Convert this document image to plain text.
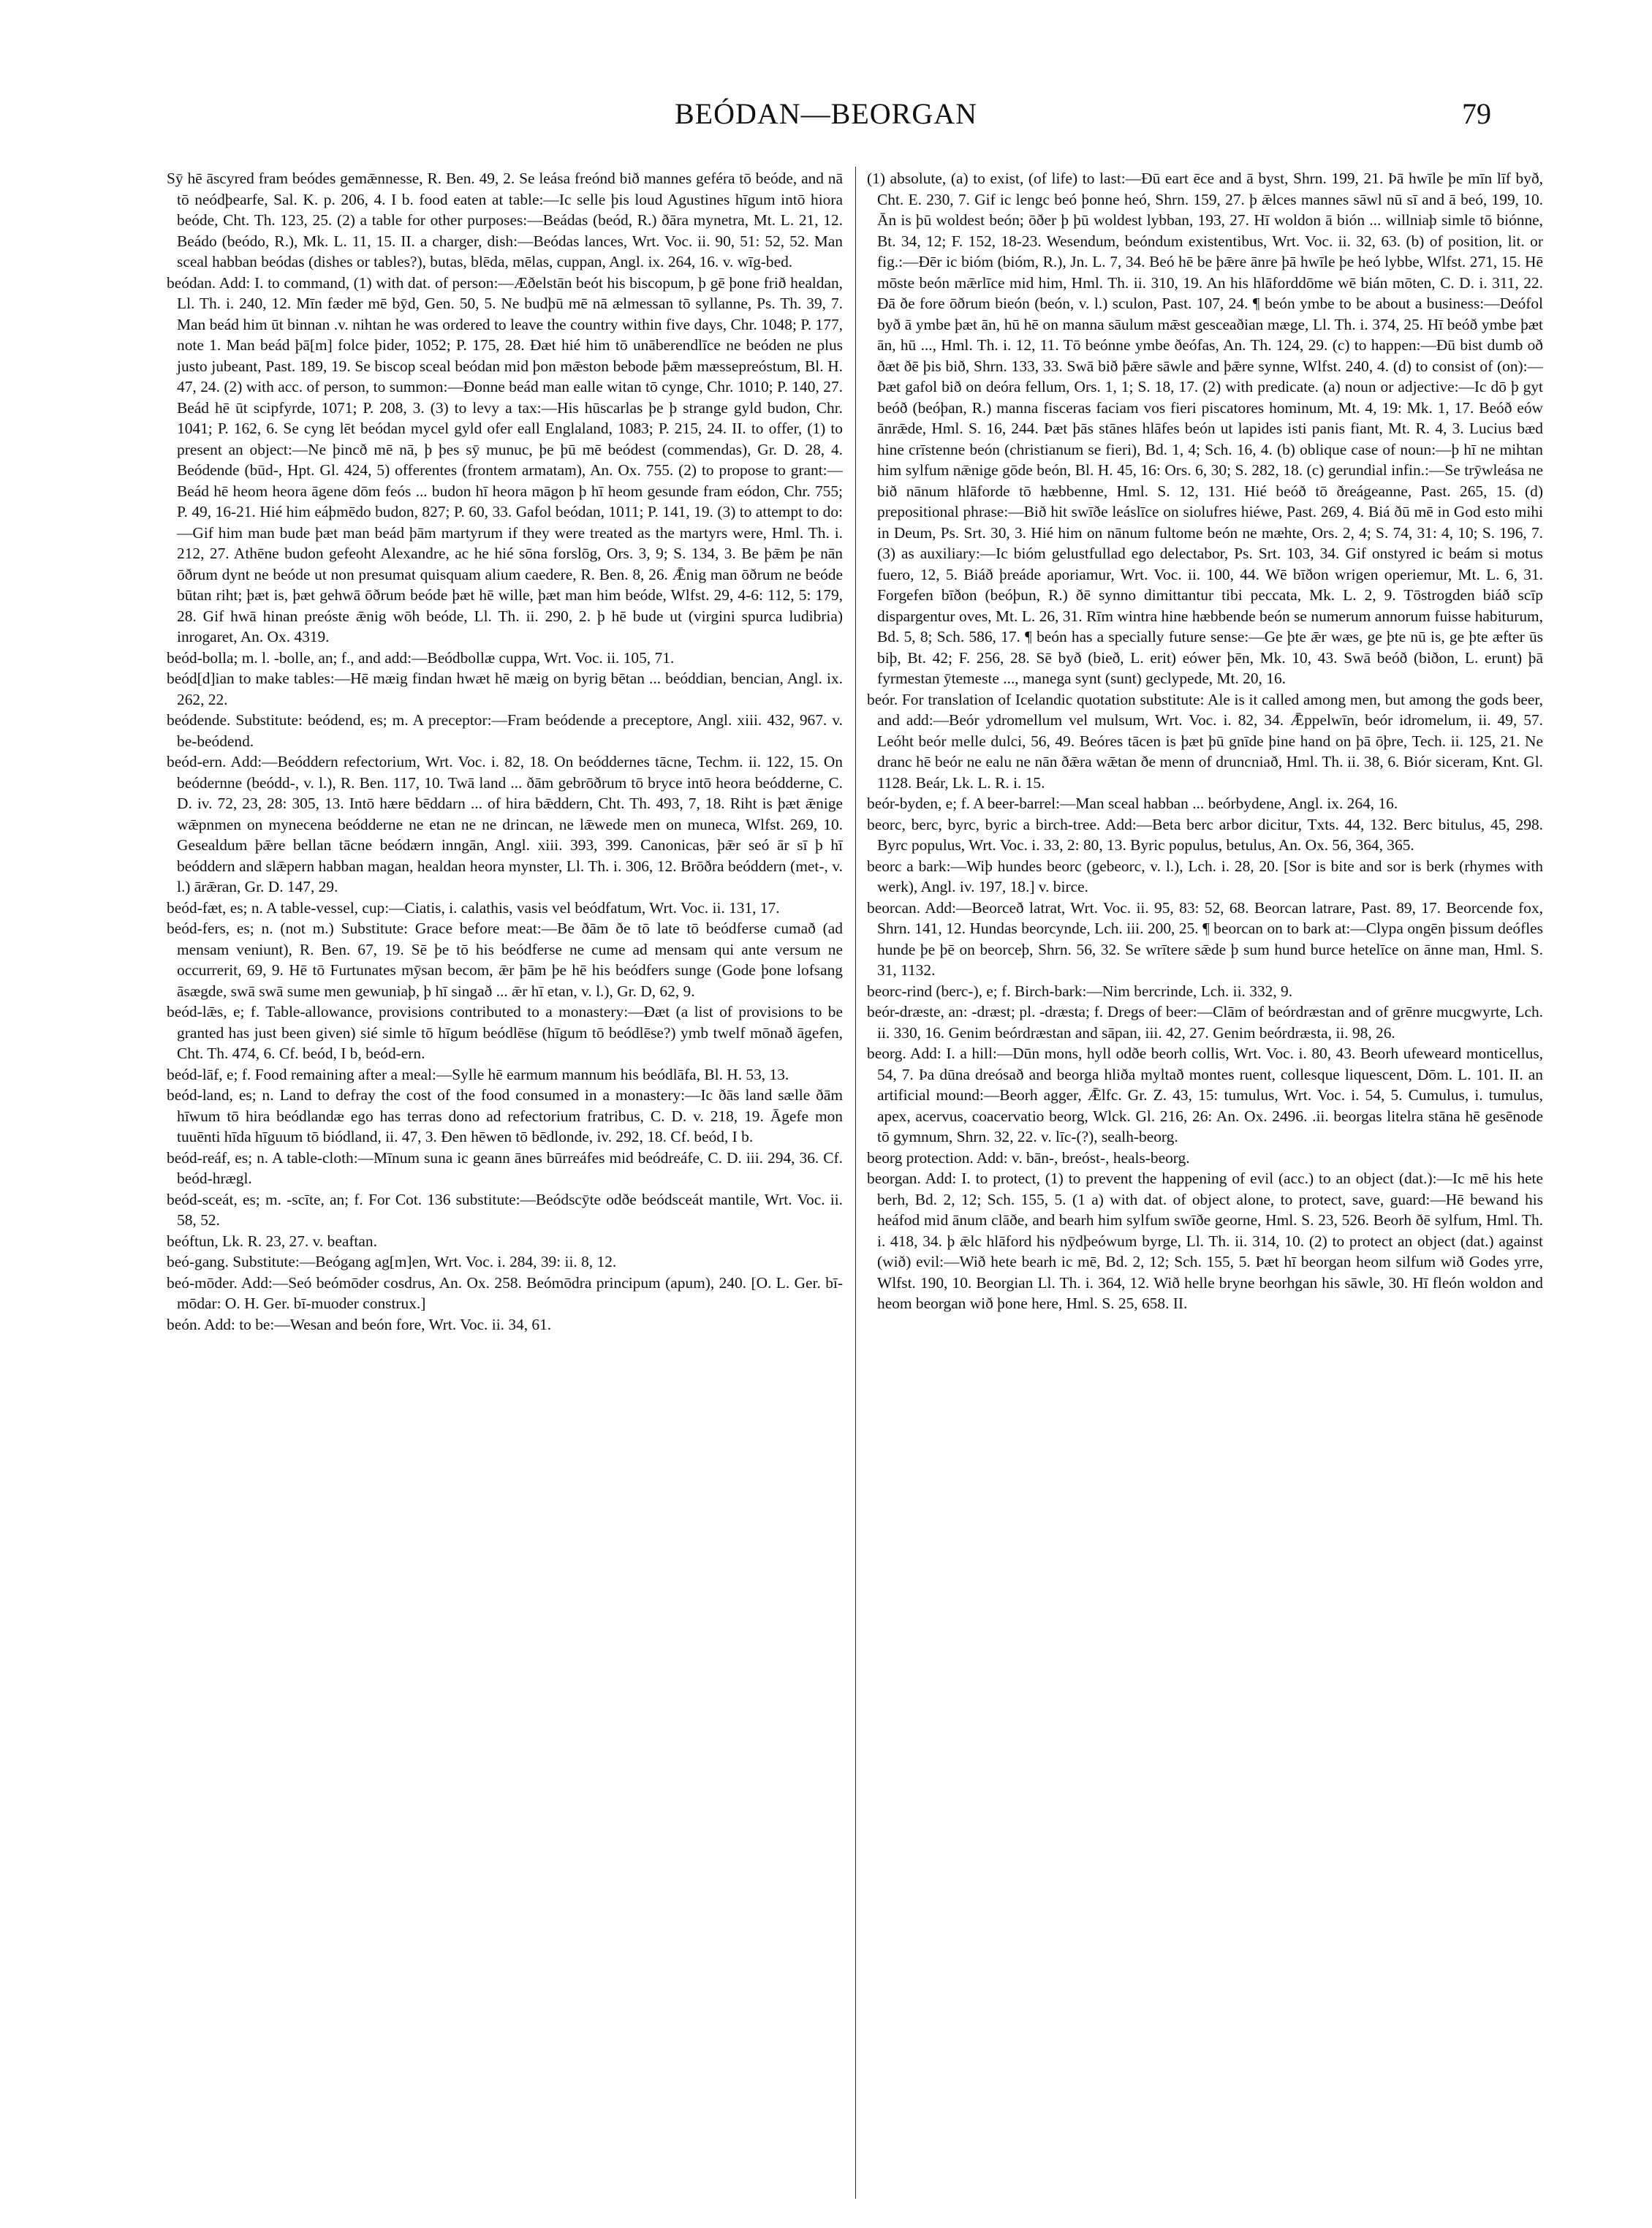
BEÓDAN—BEORGAN	79

Sȳ hē āscyred fram beódes gemǣnnesse, R. Ben. 49, 2. Se leása freónd bið mannes geféra tō beóde, and nā tō neódþearfe, Sal. K. p. 206, 4. I b. food eaten at table:—Ic selle þis loud Agustines hīgum intō hiora beóde, Cht. Th. 123, 25. (2) a table for other purposes:—Beádas (beód, R.) ðāra mynetra, Mt. L. 21, 12. Beádo (beódo, R.), Mk. L. 11, 15. II. a charger, dish:—Beódas lances, Wrt. Voc. ii. 90, 51: 52, 52. Man sceal habban beódas (dishes or tables?), butas, blēda, mēlas, cuppan, Angl. ix. 264, 16. v. wīg-bed.

beódan. Add: I. to command, (1) with dat. of person:—Æðelstān beót his biscopum, þ gē þone frið healdan, Ll. Th. i. 240, 12. Mīn fæder mē bȳd, Gen. 50, 5. Ne budþū mē nā ælmessan tō syllanne, Ps. Th. 39, 7. Man beád him ūt binnan .v. nihtan he was ordered to leave the country within five days, Chr. 1048; P. 177, note 1. Man beád þā[m] folce þider, 1052; P. 175, 28. Ðæt hié him tō unāberendlīce ne beóden ne plus justo jubeant, Past. 189, 19. Se biscop sceal beódan mid þon mǣston bebode þǣm mæssepreóstum, Bl. H. 47, 24. (2) with acc. of person, to summon:—Ðonne beád man ealle witan tō cynge, Chr. 1010; P. 140, 27. Beád hē ūt scipfyrde, 1071; P. 208, 3. (3) to levy a tax:—His hūscarlas þe þ strange gyld budon, Chr. 1041; P. 162, 6. Se cyng lēt beódan mycel gyld ofer eall Englaland, 1083; P. 215, 24. II. to offer, (1) to present an object:—Ne þincð mē nā, þ þes sȳ munuc, þe þū mē beódest (commendas), Gr. D. 28, 4. Beódende (būd-, Hpt. Gl. 424, 5) offerentes (frontem armatam), An. Ox. 755. (2) to propose to grant:—Beád hē heom heora āgene dōm feós ... budon hī heora māgon þ hī heom gesunde fram eódon, Chr. 755; P. 49, 16-21. Hié him eáþmēdo budon, 827; P. 60, 33. Gafol beódan, 1011; P. 141, 19. (3) to attempt to do:—Gif him man bude þæt man beád þām martyrum if they were treated as the martyrs were, Hml. Th. i. 212, 27. Athēne budon gefeoht Alexandre, ac he hié sōna forslōg, Ors. 3, 9; S. 134, 3. Be þǣm þe nān ōðrum dynt ne beóde ut non presumat quisquam alium caedere, R. Ben. 8, 26. Ǣnig man ōðrum ne beóde būtan riht; þæt is, þæt gehwā ōðrum beóde þæt hē wille, þæt man him beóde, Wlfst. 29, 4-6: 112, 5: 179, 28. Gif hwā hinan preóste ǣnig wōh beóde, Ll. Th. ii. 290, 2. þ hē bude ut (virgini spurca ludibria) inrogaret, An. Ox. 4319.

beód-bolla; m. l. -bolle, an; f., and add:—Beódbollæ cuppa, Wrt. Voc. ii. 105, 71.

beód[d]ian to make tables:—Hē mæig findan hwæt hē mæig on byrig bētan ... beóddian, bencian, Angl. ix. 262, 22.

beódende. Substitute: beódend, es; m. A preceptor:—Fram beódende a preceptore, Angl. xiii. 432, 967. v. be-beódend.

beód-ern. Add:—Beóddern refectorium, Wrt. Voc. i. 82, 18. On beóddernes tācne, Techm. ii. 122, 15. On beódernne (beódd-, v. l.), R. Ben. 117, 10. Twā land ... ðām gebrōðrum tō bryce intō heora beódderne, C. D. iv. 72, 23, 28: 305, 13. Intō hære bēddarn ... of hira bǣddern, Cht. Th. 493, 7, 18. Riht is þæt ǣnige wǣpnmen on mynecena beódderne ne etan ne ne drincan, ne lǣwede men on muneca, Wlfst. 269, 10. Gesealdum þǣre bellan tācne beódærn inngān, Angl. xiii. 393, 399. Canonicas, þǣr seó ār sī þ hī beóddern and slǣpern habban magan, healdan heora mynster, Ll. Th. i. 306, 12. Brōðra beóddern (met-, v. l.) ārǣran, Gr. D. 147, 29.

beód-fæt, es; n. A table-vessel, cup:—Ciatis, i. calathis, vasis vel beódfatum, Wrt. Voc. ii. 131, 17.

beód-fers, es; n. (not m.) Substitute: Grace before meat:—Be ðām ðe tō late tō beódferse cumað (ad mensam veniunt), R. Ben. 67, 19. Sē þe tō his beódferse ne cume ad mensam qui ante versum ne occurrerit, 69, 9. Hē tō Furtunates mȳsan becom, ǣr þām þe hē his beódfers sunge (Gode þone lofsang āsægde, swā swā sume men gewuniaþ, þ hī singað ... ǣr hī etan, v. l.), Gr. D, 62, 9.

beód-lǣs, e; f. Table-allowance, provisions contributed to a monastery:—Ðæt (a list of provisions to be granted has just been given) sié simle tō hīgum beódlēse (hīgum tō beódlēse?) ymb twelf mōnað āgefen, Cht. Th. 474, 6. Cf. beód, I b, beód-ern.

beód-lāf, e; f. Food remaining after a meal:—Sylle hē earmum mannum his beódlāfa, Bl. H. 53, 13.

beód-land, es; n. Land to defray the cost of the food consumed in a monastery:—Ic ðās land sælle ðām hīwum tō hira beódlandæ ego has terras dono ad refectorium fratribus, C. D. v. 218, 19. Āgefe mon tuuēnti hīda hīguum tō biódland, ii. 47, 3. Ðen hēwen tō bēdlonde, iv. 292, 18. Cf. beód, I b.

beód-reáf, es; n. A table-cloth:—Mīnum suna ic geann ānes būrreáfes mid beódreáfe, C. D. iii. 294, 36. Cf. beód-hrægl.

beód-sceát, es; m. -scīte, an; f. For Cot. 136 substitute:—Beódscȳte odðe beódsceát mantile, Wrt. Voc. ii. 58, 52.

beóftun, Lk. R. 23, 27. v. beaftan.

beó-gang. Substitute:—Beógang ag[m]en, Wrt. Voc. i. 284, 39: ii. 8, 12.

beó-mōder. Add:—Seó beómōder cosdrus, An. Ox. 258. Beómōdra principum (apum), 240. [O. L. Ger. bī-mōdar: O. H. Ger. bī-muoder construx.]

beón. Add: to be:—Wesan and beón fore, Wrt. Voc. ii. 34, 61.

(1) absolute, (a) to exist, (of life) to last:—Ðū eart ēce and ā byst, Shrn. 199, 21. Þā hwīle þe mīn līf byð, Cht. E. 230, 7. Gif ic lengc beó þonne heó, Shrn. 159, 27. þ ǣlces mannes sāwl nū sī and ā beó, 199, 10. Ān is þū woldest beón; ōðer þ þū woldest lybban, 193, 27. Hī woldon ā bión ... willniaþ simle tō biónne, Bt. 34, 12; F. 152, 18-23. Wesendum, beóndum existentibus, Wrt. Voc. ii. 32, 63. (b) of position, lit. or fig.:—Ðēr ic bióm (bióm, R.), Jn. L. 7, 34. Beó hē be þǣre ānre þā hwīle þe heó lybbe, Wlfst. 271, 15. Hē mōste beón mǣrlīce mid him, Hml. Th. ii. 310, 19. An his hlāforddōme wē bián mōten, C. D. i. 311, 22. Ðā ðe fore ōðrum bieón (beón, v. l.) sculon, Past. 107, 24. ¶ beón ymbe to be about a business:—Deófol byð ā ymbe þæt ān, hū hē on manna sāulum mǣst gesceaðian mæge, Ll. Th. i. 374, 25. Hī beóð ymbe þæt ān, hū ..., Hml. Th. i. 12, 11. Tō beónne ymbe ðeófas, An. Th. 124, 29. (c) to happen:—Ðū bist dumb oð ðæt ðē þis bið, Shrn. 133, 33. Swā bið þǣre sāwle and þǣre synne, Wlfst. 240, 4. (d) to consist of (on):—Þæt gafol bið on deóra fellum, Ors. 1, 1; S. 18, 17. (2) with predicate. (a) noun or adjective:—Ic dō þ gyt beóð (beóþan, R.) manna fisceras faciam vos fieri piscatores hominum, Mt. 4, 19: Mk. 1, 17. Beóð eów ānrǣde, Hml. S. 16, 244. Þæt þās stānes hlāfes beón ut lapides isti panis fiant, Mt. R. 4, 3. Lucius bæd hine crīstenne beón (christianum se fieri), Bd. 1, 4; Sch. 16, 4. (b) oblique case of noun:—þ hī ne mihtan him sylfum nǣnige gōde beón, Bl. H. 45, 16: Ors. 6, 30; S. 282, 18. (c) gerundial infin.:—Se trȳwleása ne bið nānum hlāforde tō hæbbenne, Hml. S. 12, 131. Hié beóð tō ðreágeanne, Past. 265, 15. (d) prepositional phrase:—Bið hit swīðe leáslīce on siolufres hiéwe, Past. 269, 4. Biá ðū mē in God esto mihi in Deum, Ps. Srt. 30, 3. Hié him on nānum fultome beón ne mæhte, Ors. 2, 4; S. 74, 31: 4, 10; S. 196, 7. (3) as auxiliary:—Ic bióm gelustfullad ego delectabor, Ps. Srt. 103, 34. Gif onstyred ic beám si motus fuero, 12, 5. Biáð þreáde aporiamur, Wrt. Voc. ii. 100, 44. Wē bīðon wrigen operiemur, Mt. L. 6, 31. Forgefen bīðon (beóþun, R.) ðē synno dimittantur tibi peccata, Mk. L. 2, 9. Tōstrogden biáð scīp dispargentur oves, Mt. L. 26, 31. Rīm wintra hine hæbbende beón se numerum annorum fuisse habiturum, Bd. 5, 8; Sch. 586, 17. ¶ beón has a specially future sense:—Ge þte ǣr wæs, ge þte nū is, ge þte æfter ūs biþ, Bt. 42; F. 256, 28. Sē byð (bieð, L. erit) eówer þēn, Mk. 10, 43. Swā beóð (biðon, L. erunt) þā fyrmestan ȳtemeste ..., manega synt (sunt) geclypede, Mt. 20, 16.

beór. For translation of Icelandic quotation substitute: Ale is it called among men, but among the gods beer, and add:—Beór ydromellum vel mulsum, Wrt. Voc. i. 82, 34. Ǣppelwīn, beór idromelum, ii. 49, 57. Leóht beór melle dulci, 56, 49. Beóres tācen is þæt þū gnīde þine hand on þā ōþre, Tech. ii. 125, 21. Ne dranc hē beór ne ealu ne nān ðǣra wǣtan ðe menn of druncniað, Hml. Th. ii. 38, 6. Biór siceram, Knt. Gl. 1128. Beár, Lk. L. R. i. 15.

beór-byden, e; f. A beer-barrel:—Man sceal habban ... beórbydene, Angl. ix. 264, 16.

beorc, berc, byrc, byric a birch-tree. Add:—Beta berc arbor dicitur, Txts. 44, 132. Berc bitulus, 45, 298. Byrc populus, Wrt. Voc. i. 33, 2: 80, 13. Byric populus, betulus, An. Ox. 56, 364, 365.

beorc a bark:—Wiþ hundes beorc (gebeorc, v. l.), Lch. i. 28, 20. [Sor is bite and sor is berk (rhymes with werk), Angl. iv. 197, 18.] v. birce.

beorcan. Add:—Beorceð latrat, Wrt. Voc. ii. 95, 83: 52, 68. Beorcan latrare, Past. 89, 17. Beorcende fox, Shrn. 141, 12. Hundas beorcynde, Lch. iii. 200, 25. ¶ beorcan on to bark at:—Clypa ongēn þissum deófles hunde þe þē on beorceþ, Shrn. 56, 32. Se wrītere sǣde þ sum hund burce hetelīce on ānne man, Hml. S. 31, 1132.

beorc-rind (berc-), e; f. Birch-bark:—Nim bercrinde, Lch. ii. 332, 9.

beór-dræste, an: -dræst; pl. -dræsta; f. Dregs of beer:—Clām of beórdræstan and of grēnre mucgwyrte, Lch. ii. 330, 16. Genim beórdræstan and sāpan, iii. 42, 27. Genim beórdræsta, ii. 98, 26.

beorg. Add: I. a hill:—Dūn mons, hyll odðe beorh collis, Wrt. Voc. i. 80, 43. Beorh ufeweard monticellus, 54, 7. Þa dūna dreósað and beorga hliða myltað montes ruent, collesque liquescent, Dōm. L. 101. II. an artificial mound:—Beorh agger, Ǣlfc. Gr. Z. 43, 15: tumulus, Wrt. Voc. i. 54, 5. Cumulus, i. tumulus, apex, acervus, coacervatio beorg, Wlck. Gl. 216, 26: An. Ox. 2496. .ii. beorgas litelra stāna hē gesēnode tō gymnum, Shrn. 32, 22. v. līc-(?), sealh-beorg.

beorg protection. Add: v. bān-, breóst-, heals-beorg.

beorgan. Add: I. to protect, (1) to prevent the happening of evil (acc.) to an object (dat.):—Ic mē his hete berh, Bd. 2, 12; Sch. 155, 5. (1 a) with dat. of object alone, to protect, save, guard:—Hē bewand his heáfod mid ānum clāðe, and bearh him sylfum swīðe georne, Hml. S. 23, 526. Beorh ðē sylfum, Hml. Th. i. 418, 34. þ ǣlc hlāford his nȳdþeówum byrge, Ll. Th. ii. 314, 10. (2) to protect an object (dat.) against (wið) evil:—Wið hete bearh ic mē, Bd. 2, 12; Sch. 155, 5. Þæt hī beorgan heom silfum wið Godes yrre, Wlfst. 190, 10. Beorgian Ll. Th. i. 364, 12. Wið helle bryne beorhgan his sāwle, 30. Hī fleón woldon and heom beorgan wið þone here, Hml. S. 25, 658. II.
